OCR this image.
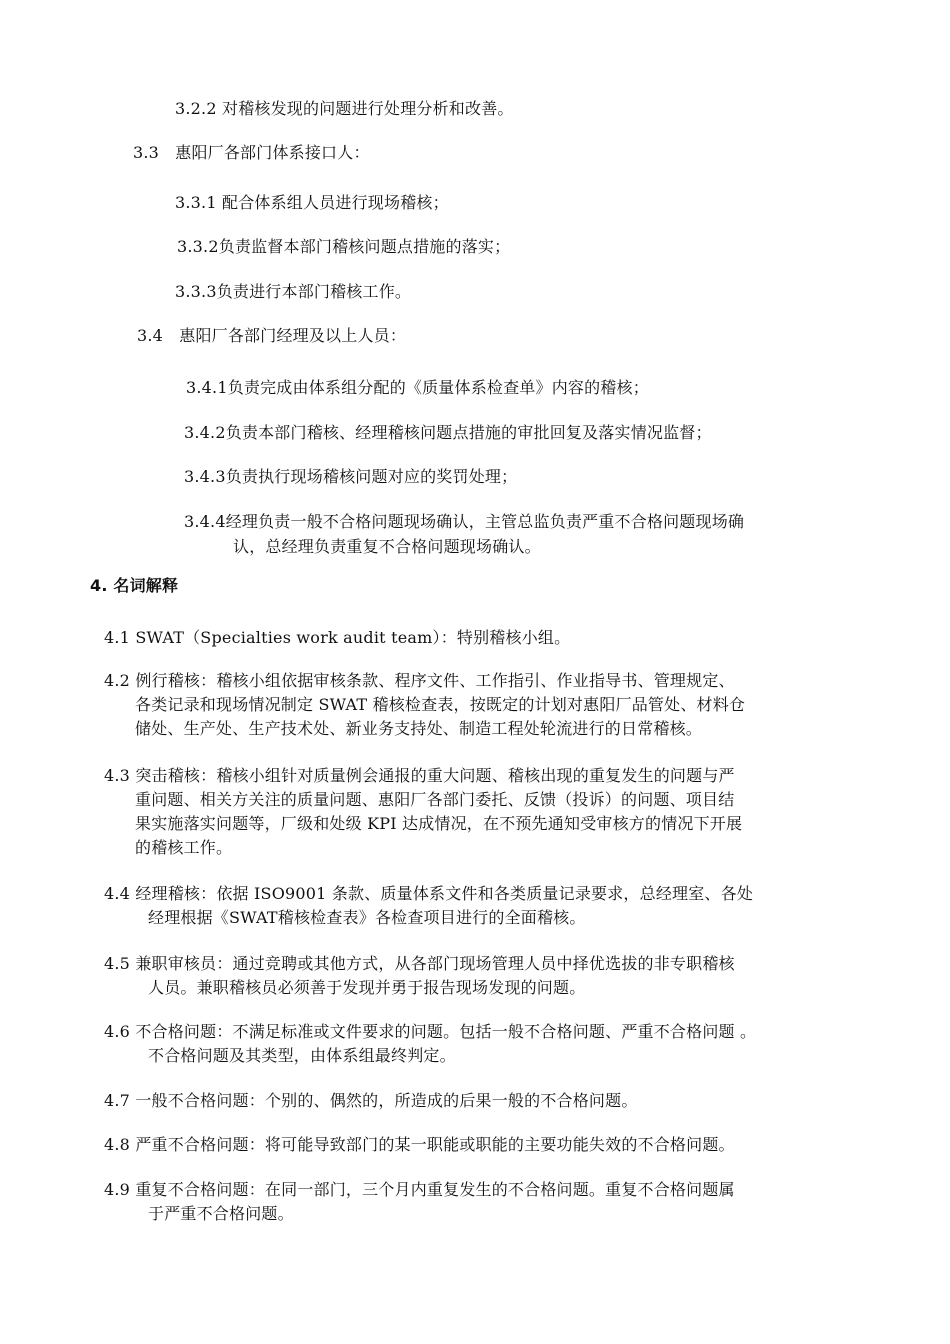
3.2.2 对稽核发现的问题进行处理分析和改善。
3.3　惠阳厂各部门体系接口人：
3.3.1 配合体系组人员进行现场稽核；
3.3.2负责监督本部门稽核问题点措施的落实；
3.3.3负责进行本部门稽核工作。
3.4　惠阳厂各部门经理及以上人员：
3.4.1负责完成由体系组分配的《质量体系检查单》内容的稽核；
3.4.2负责本部门稽核、经理稽核问题点措施的审批回复及落实情况监督；
3.4.3负责执行现场稽核问题对应的奖罚处理；
3.4.4经理负责一般不合格问题现场确认，主管总监负责严重不合格问题现场确
认，总经理负责重复不合格问题现场确认。
4. 名词解释
4.1 SWAT（Specialties work audit team）：特别稽核小组。
4.2 例行稽核：稽核小组依据审核条款、程序文件、工作指引、作业指导书、管理规定、
各类记录和现场情况制定 SWAT 稽核检查表，按既定的计划对惠阳厂品管处、材料仓
储处、生产处、生产技术处、新业务支持处、制造工程处轮流进行的日常稽核。
4.3 突击稽核：稽核小组针对质量例会通报的重大问题、稽核出现的重复发生的问题与严
重问题、相关方关注的质量问题、惠阳厂各部门委托、反馈（投诉）的问题、项目结
果实施落实问题等，厂级和处级 KPI 达成情况，在不预先通知受审核方的情况下开展
的稽核工作。
4.4 经理稽核：依据 ISO9001 条款、质量体系文件和各类质量记录要求，总经理室、各处
经理根据《SWAT稽核检查表》各检查项目进行的全面稽核。
4.5 兼职审核员：通过竞聘或其他方式，从各部门现场管理人员中择优选拔的非专职稽核
人员。兼职稽核员必须善于发现并勇于报告现场发现的问题。
4.6 不合格问题：不满足标准或文件要求的问题。包括一般不合格问题、严重不合格问题 。
不合格问题及其类型，由体系组最终判定。
4.7 一般不合格问题：个别的、偶然的，所造成的后果一般的不合格问题。
4.8 严重不合格问题：将可能导致部门的某一职能或职能的主要功能失效的不合格问题。
4.9 重复不合格问题：在同一部门，三个月内重复发生的不合格问题。重复不合格问题属
于严重不合格问题。
